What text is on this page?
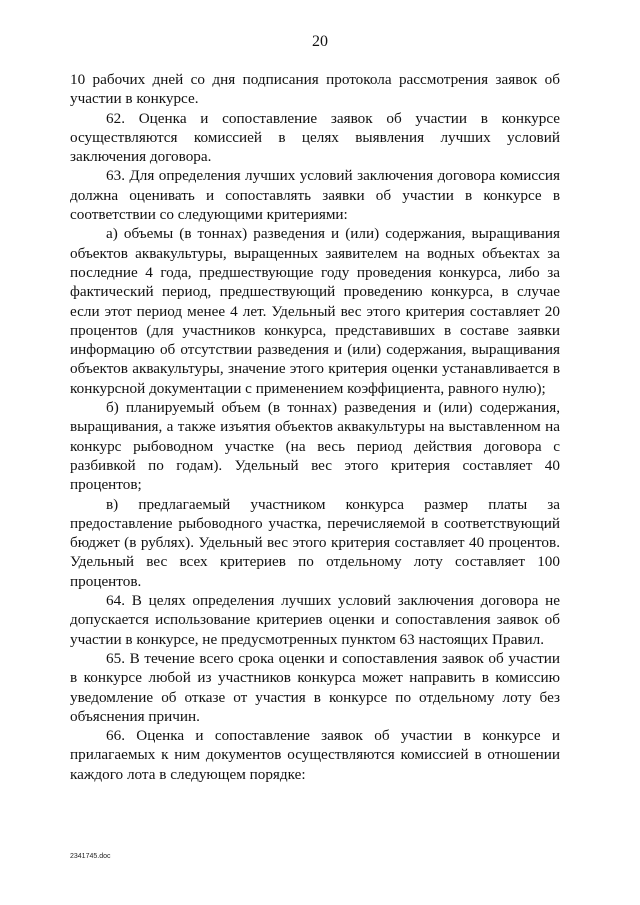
20

10 рабочих дней со дня подписания протокола рассмотрения заявок об участии в конкурсе.

62. Оценка и сопоставление заявок об участии в конкурсе осуществляются комиссией в целях выявления лучших условий заключения договора.

63. Для определения лучших условий заключения договора комиссия должна оценивать и сопоставлять заявки об участии в конкурсе в соответствии со следующими критериями:

а) объемы (в тоннах) разведения и (или) содержания, выращивания объектов аквакультуры, выращенных заявителем на водных объектах за последние 4 года, предшествующие году проведения конкурса, либо за фактический период, предшествующий проведению конкурса, в случае если этот период менее 4 лет. Удельный вес этого критерия составляет 20 процентов (для участников конкурса, представивших в составе заявки информацию об отсутствии разведения и (или) содержания, выращивания объектов аквакультуры, значение этого критерия оценки устанавливается в конкурсной документации с применением коэффициента, равного нулю);

б) планируемый объем (в тоннах) разведения и (или) содержания, выращивания, а также изъятия объектов аквакультуры на выставленном на конкурс рыбоводном участке (на весь период действия договора с разбивкой по годам). Удельный вес этого критерия составляет 40 процентов;

в) предлагаемый участником конкурса размер платы за предоставление рыбоводного участка, перечисляемой в соответствующий бюджет (в рублях). Удельный вес этого критерия составляет 40 процентов. Удельный вес всех критериев по отдельному лоту составляет 100 процентов.

64. В целях определения лучших условий заключения договора не допускается использование критериев оценки и сопоставления заявок об участии в конкурсе, не предусмотренных пунктом 63 настоящих Правил.

65. В течение всего срока оценки и сопоставления заявок об участии в конкурсе любой из участников конкурса может направить в комиссию уведомление об отказе от участия в конкурсе по отдельному лоту без объяснения причин.

66. Оценка и сопоставление заявок об участии в конкурсе и прилагаемых к ним документов осуществляются комиссией в отношении каждого лота в следующем порядке:

2341745.doc
